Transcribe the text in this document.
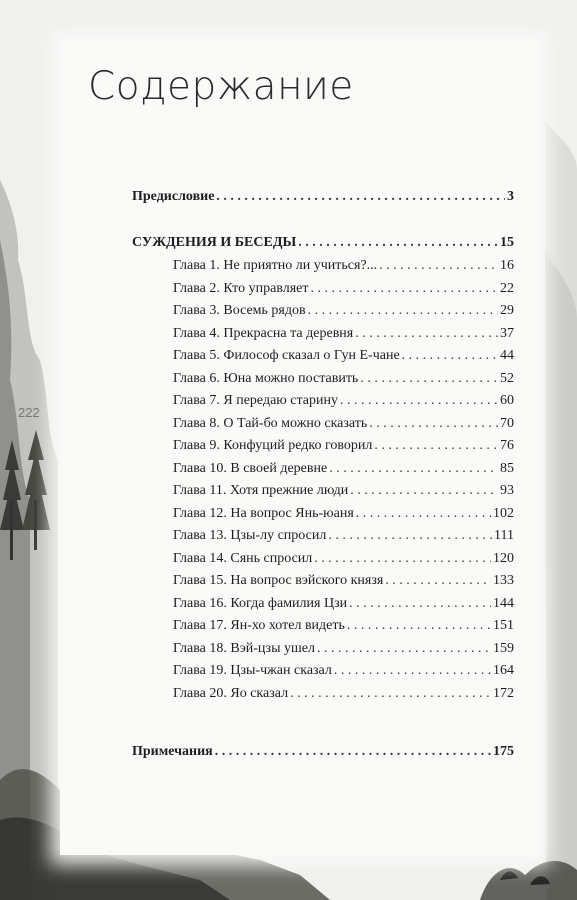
222
Содержание
Предисловие . . .	3
СУЖДЕНИЯ И БЕСЕДЫ . . .	15
Глава 1. Не приятно ли учиться?... . . .	16
Глава 2. Кто управляет . . .	22
Глава 3. Восемь рядов . . .	29
Глава 4. Прекрасна та деревня . . .	37
Глава 5. Философ сказал о Гун Е-чане . . .	44
Глава 6. Юна можно поставить . . .	52
Глава 7. Я передаю старину . . .	60
Глава 8. О Тай-бо можно сказать . . .	70
Глава 9. Конфуций редко говорил . . .	76
Глава 10. В своей деревне . . .	85
Глава 11. Хотя прежние люди . . .	93
Глава 12. На вопрос Янь-юаня . . .	102
Глава 13. Цзы-лу спросил . . .	111
Глава 14. Сянь спросил . . .	120
Глава 15. На вопрос вэйского князя . . .	133
Глава 16. Когда фамилия Цзи . . .	144
Глава 17. Ян-хо хотел видеть . . .	151
Глава 18. Вэй-цзы ушел . . .	159
Глава 19. Цзы-чжан сказал . . .	164
Глава 20. Яо сказал . . .	172
Примечания . . .	175
